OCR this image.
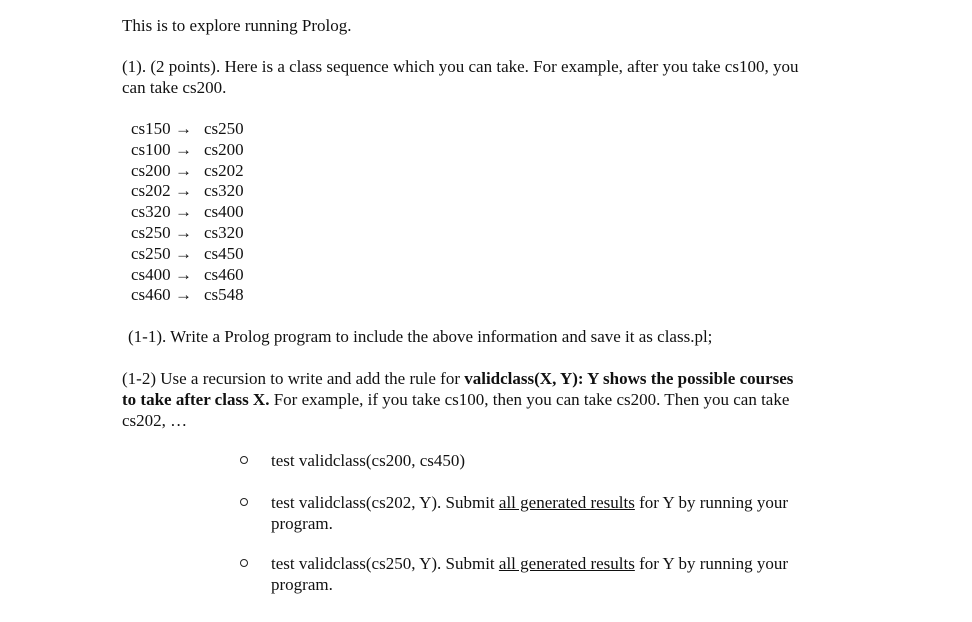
This is to explore running Prolog.

(1). (2 points). Here is a class sequence which you can take. For example, after you take cs100, you
can take cs200.

cs150 → cs250
cs100 → cs200
cs200 → cs202
cs202 → cs320
cs320 → cs400
cs250 → cs320
cs250 → cs450
cs400 → cs460
cs460 → cs548

(1-1). Write a Prolog program to include the above information and save it as class.pl;

(1-2) Use a recursion to write and add the rule for validclass(X, Y): Y shows the possible courses
to take after class X. For example, if you take cs100, then you can take cs200. Then you can take
cs202, …

test validclass(cs200, cs450)
test validclass(cs202, Y). Submit all generated results for Y by running your
program.
test validclass(cs250, Y). Submit all generated results for Y by running your
program.
